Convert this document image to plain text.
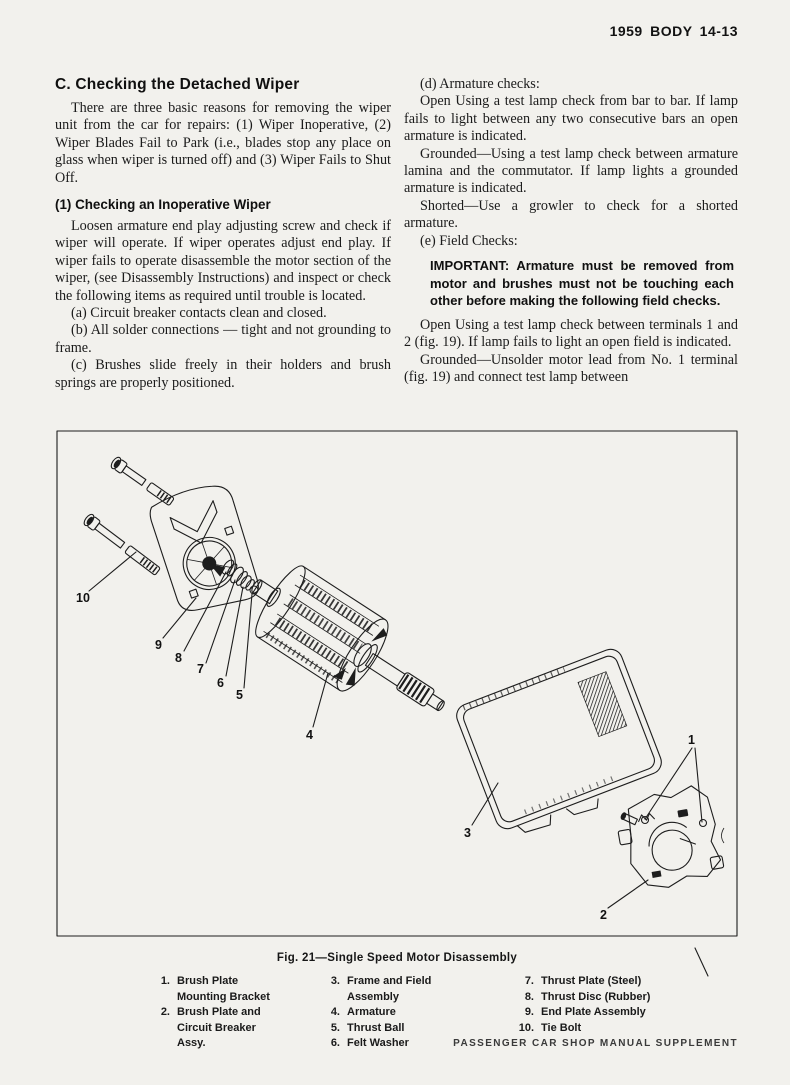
1959 BODY 14-13
C. Checking the Detached Wiper

There are three basic reasons for removing the wiper unit from the car for repairs: (1) Wiper Inoperative, (2) Wiper Blades Fail to Park (i.e., blades stop any place on glass when wiper is turned off) and (3) Wiper Fails to Shut Off.

(1) Checking an Inoperative Wiper

Loosen armature end play adjusting screw and check if wiper will operate. If wiper operates adjust end play. If wiper fails to operate disassemble the motor section of the wiper, (see Disassembly Instructions) and inspect or check the following items as required until trouble is located.

(a) Circuit breaker contacts clean and closed.

(b) All solder connections — tight and not grounding to frame.

(c) Brushes slide freely in their holders and brush springs are properly positioned.

(d) Armature checks:

Open Using a test lamp check from bar to bar. If lamp fails to light between any two consecutive bars an open armature is indicated.

Grounded—Using a test lamp check between armature lamina and the commutator. If lamp lights a grounded armature is indicated.

Shorted—Use a growler to check for a shorted armature.

(e) Field Checks:

IMPORTANT: Armature must be removed from motor and brushes must not be touching each other before making the following field checks.

Open Using a test lamp check between terminals 1 and 2 (fig. 19). If lamp fails to light an open field is indicated.

Grounded—Unsolder motor lead from No. 1 terminal (fig. 19) and connect test lamp between

10
9
8
7
6
5
4
3
2
1
Fig. 21—Single Speed Motor Disassembly
1. Brush Plate Mounting Bracket
2. Brush Plate and Circuit Breaker Assy.
3. Frame and Field Assembly
4. Armature
5. Thrust Ball
6. Felt Washer
7. Thrust Plate (Steel)
8. Thrust Disc (Rubber)
9. End Plate Assembly
10. Tie Bolt
PASSENGER CAR SHOP MANUAL SUPPLEMENT
